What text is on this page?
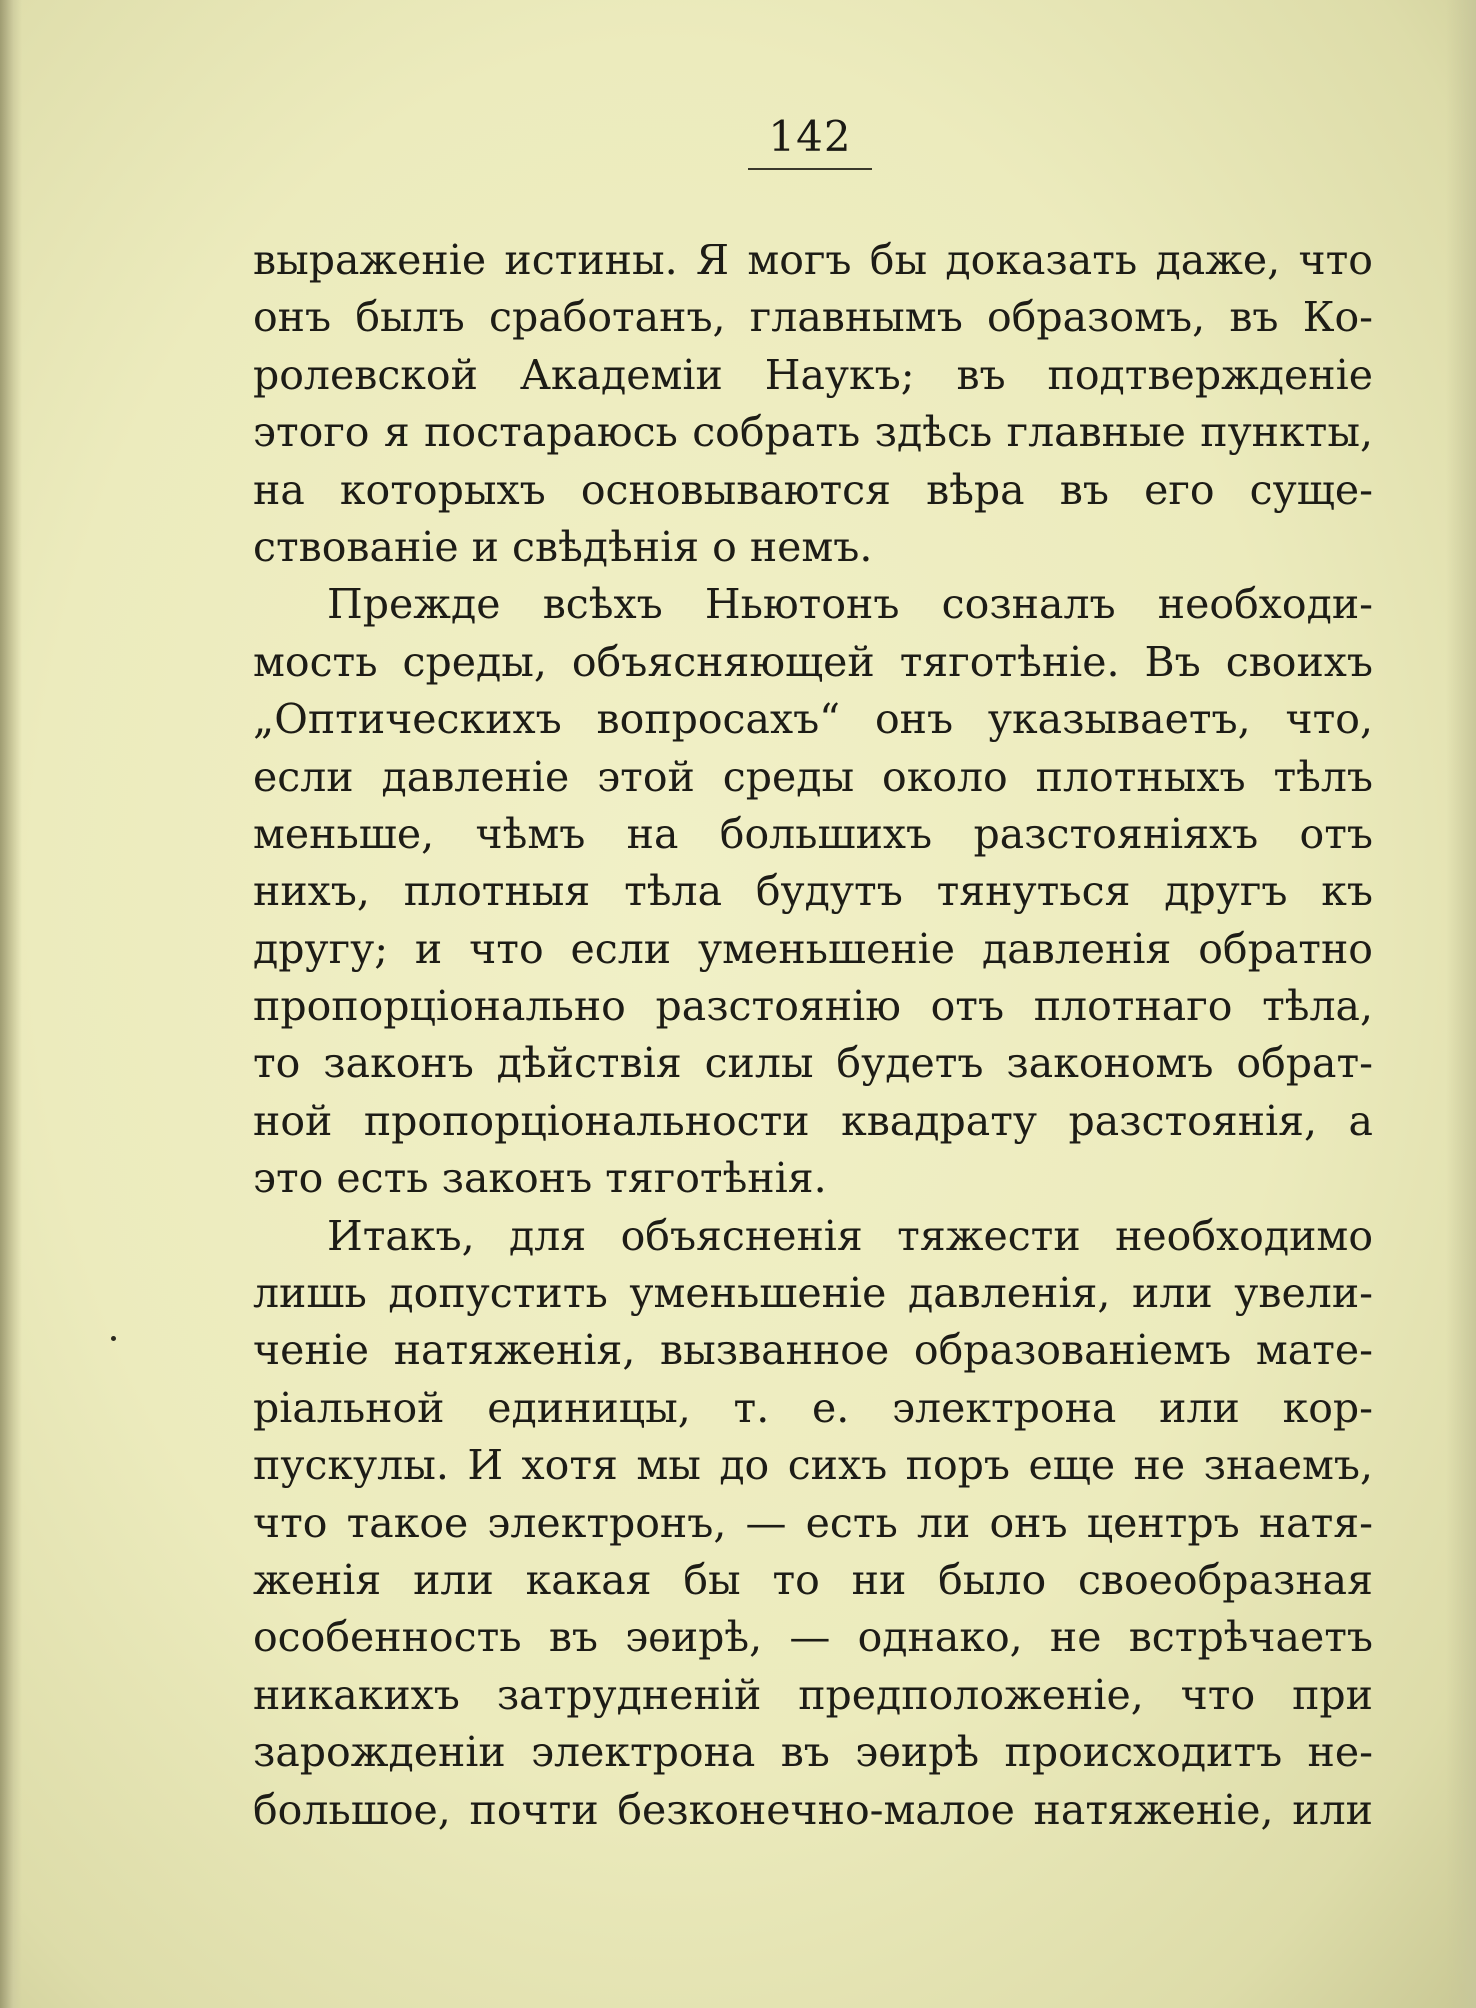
142
выраженіе истины. Я могъ бы доказать даже, что
онъ былъ сработанъ, главнымъ образомъ, въ Ко-
ролевской Академіи Наукъ; въ подтвержденіе
этого я постараюсь собрать здѣсь главные пункты,
на которыхъ основываются вѣра въ его суще-
ствованіе и свѣдѣнія о немъ.
Прежде всѣхъ Ньютонъ созналъ необходи-
мость среды, объясняющей тяготѣніе. Въ своихъ
„Оптическихъ вопросахъ“ онъ указываетъ, что,
если давленіе этой среды около плотныхъ тѣлъ
меньше, чѣмъ на большихъ разстояніяхъ отъ
нихъ, плотныя тѣла будутъ тянуться другъ къ
другу; и что если уменьшеніе давленія обратно
пропорціонально разстоянію отъ плотнаго тѣла,
то законъ дѣйствія силы будетъ закономъ обрат-
ной пропорціональности квадрату разстоянія, а
это есть законъ тяготѣнія.
Итакъ, для объясненія тяжести необходимо
лишь допустить уменьшеніе давленія, или увели-
ченіе натяженія, вызванное образованіемъ мате-
ріальной единицы, т. е. электрона или кор-
пускулы. И хотя мы до сихъ поръ еще не знаемъ,
что такое электронъ, — есть ли онъ центръ натя-
женія или какая бы то ни было своеобразная
особенность въ эѳирѣ, — однако, не встрѣчаетъ
никакихъ затрудненій предположеніе, что при
зарожденіи электрона въ эѳирѣ происходитъ не-
большое, почти безконечно-малое натяженіе, или
